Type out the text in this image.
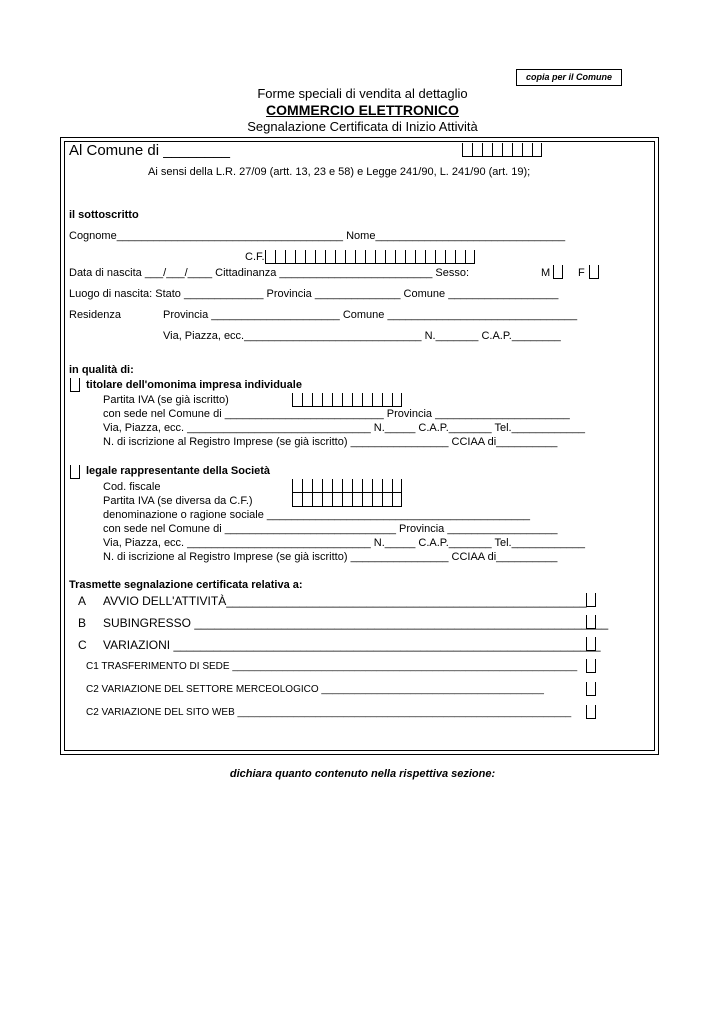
copia per il Comune
Forme speciali di vendita al dettaglio
COMMERCIO ELETTRONICO
Segnalazione Certificata di Inizio Attività
Al Comune di ________
Ai sensi della L.R. 27/09 (artt. 13, 23 e 58) e Legge 241/90, L. 241/90 (art. 19);
il sottoscritto
Cognome_____________________________________ Nome_______________________________
C.F.
Data di nascita ___/___/____ Cittadinanza _________________________ Sesso:	M	F
Luogo di nascita: Stato _____________ Provincia ______________ Comune __________________
Residenza	Provincia _____________________ Comune _______________________________
Via, Piazza, ecc._____________________________ N._______ C.A.P.________
in qualità di:
titolare dell'omonima impresa individuale
Partita IVA (se già iscritto)
con sede nel Comune di __________________________ Provincia ______________________
Via, Piazza, ecc. ______________________________ N._____ C.A.P._______ Tel.____________
N. di iscrizione al Registro Imprese (se già iscritto) ________________ CCIAA di__________
legale rappresentante della Società
Cod. fiscale
Partita IVA (se diversa da C.F.)
denominazione o ragione sociale ___________________________________________
con sede nel Comune di ____________________________ Provincia __________________
Via, Piazza, ecc. ______________________________ N._____ C.A.P._______ Tel.____________
N. di iscrizione al Registro Imprese (se già iscritto) ________________ CCIAA di__________
Trasmette segnalazione certificata relativa a:
A AVVIO DELL'ATTIVITÀ______________________________________________________
B SUBINGRESSO ______________________________________________________________
C VARIAZIONI ________________________________________________________________
C1 TRASFERIMENTO DI SEDE ______________________________________________________________
C2 VARIAZIONE DEL SETTORE MERCEOLOGICO ________________________________________
C2 VARIAZIONE DEL SITO WEB ____________________________________________________________
dichiara quanto contenuto nella rispettiva sezione:
